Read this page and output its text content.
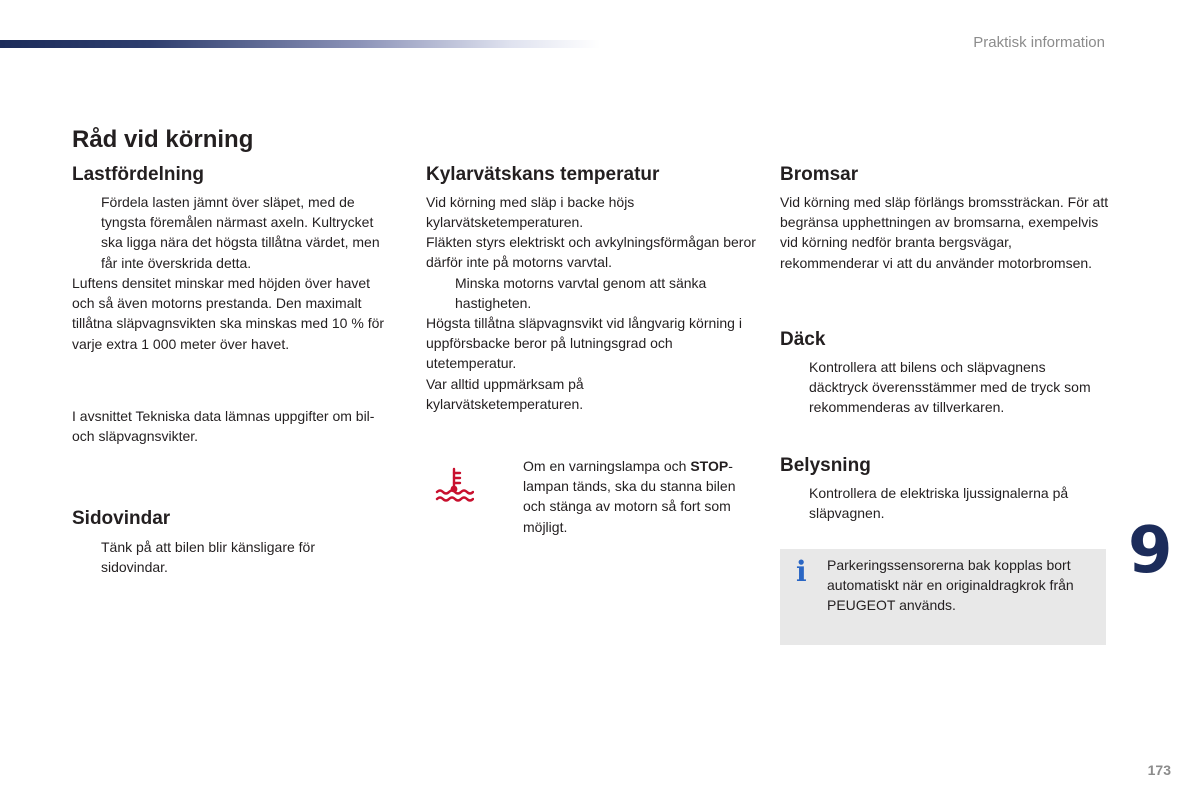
Praktisk information
Råd vid körning
Lastfördelning
Fördela lasten jämnt över släpet, med de tyngsta föremålen närmast axeln. Kultrycket ska ligga nära det högsta tillåtna värdet, men får inte överskrida detta.

Luftens densitet minskar med höjden över havet och så även motorns prestanda. Den maximalt tillåtna släpvagnsvikten ska minskas med 10 % för varje extra 1 000 meter över havet.

I avsnittet Tekniska data lämnas uppgifter om bil- och släpvagnsvikter.

Sidovindar
Tänk på att bilen blir känsligare för sidovindar.
Kylarvätskans temperatur

Vid körning med släp i backe höjs kylarvätsketemperaturen.

Fläkten styrs elektriskt och avkylningsförmågan beror därför inte på motorns varvtal.

Minska motorns varvtal genom att sänka hastigheten.

Högsta tillåtna släpvagnsvikt vid långvarig körning i uppförsbacke beror på lutningsgrad och utetemperatur.

Var alltid uppmärksam på kylarvätsketemperaturen.

Om en varningslampa och STOP-lampan tänds, ska du stanna bilen och stänga av motorn så fort som möjligt.
Bromsar

Vid körning med släp förlängs bromssträckan. För att begränsa upphettningen av bromsarna, exempelvis vid körning nedför branta bergsvägar, rekommenderar vi att du använder motorbromsen.

Däck
Kontrollera att bilens och släpvagnens däcktryck överensstämmer med de tryck som rekommenderas av tillverkaren.
Belysning
Kontrollera de elektriska ljussignalerna på släpvagnen.
i Parkeringssensorerna bak kopplas bort automatiskt när en originaldragkrok från PEUGEOT används.

9
173
